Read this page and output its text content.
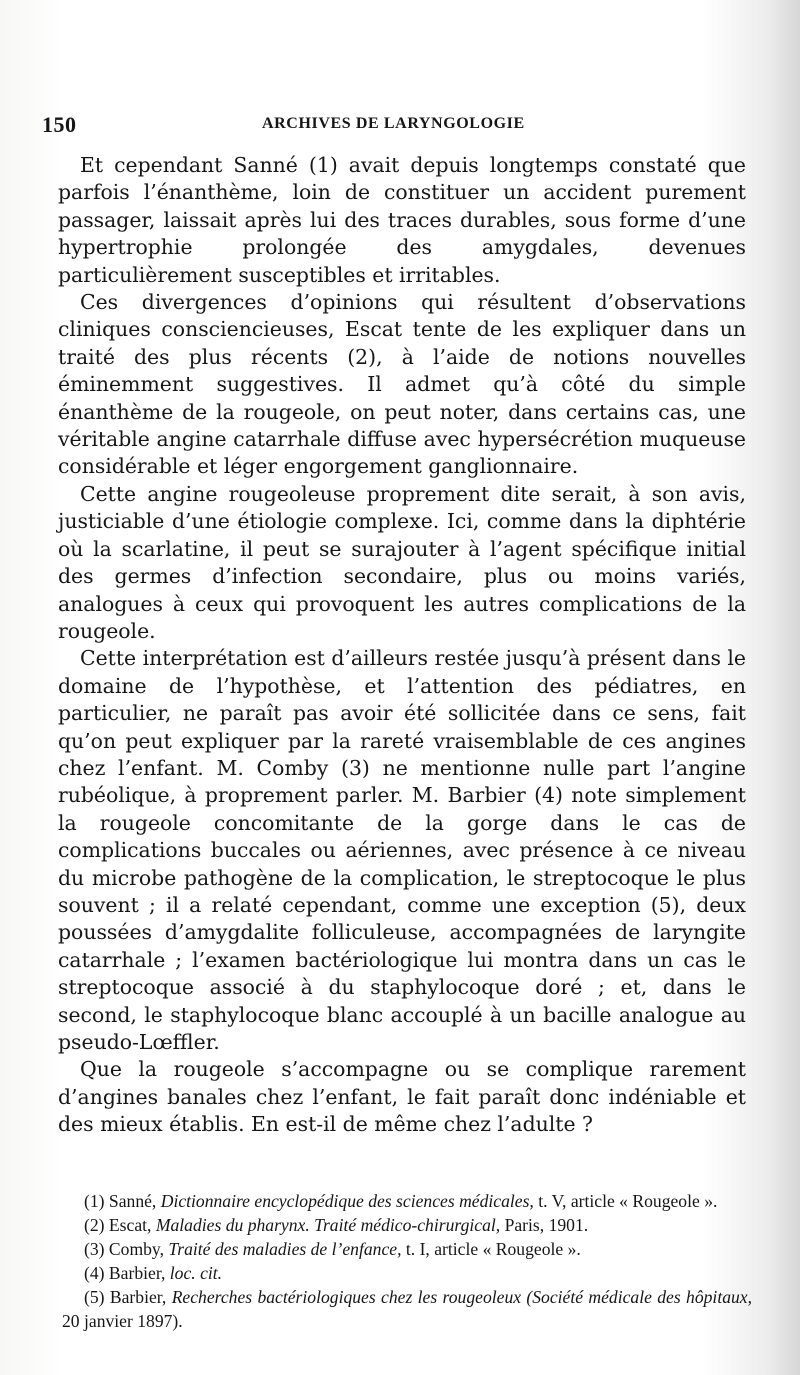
150	ARCHIVES DE LARYNGOLOGIE

Et cependant Sanné (1) avait depuis longtemps constaté que parfois l’énanthème, loin de constituer un accident purement passager, laissait après lui des traces durables, sous forme d’une hypertrophie prolongée des amygdales, devenues particulièrement susceptibles et irritables.

Ces divergences d’opinions qui résultent d’observations cliniques consciencieuses, Escat tente de les expliquer dans un traité des plus récents (2), à l’aide de notions nouvelles éminemment suggestives. Il admet qu’à côté du simple énanthème de la rougeole, on peut noter, dans certains cas, une véritable angine catarrhale diffuse avec hypersécrétion muqueuse considérable et léger engorgement ganglionnaire.

Cette angine rougeoleuse proprement dite serait, à son avis, justiciable d’une étiologie complexe. Ici, comme dans la diphtérie où la scarlatine, il peut se surajouter à l’agent spécifique initial des germes d’infection secondaire, plus ou moins variés, analogues à ceux qui provoquent les autres complications de la rougeole.

Cette interprétation est d’ailleurs restée jusqu’à présent dans le domaine de l’hypothèse, et l’attention des pédiatres, en particulier, ne paraît pas avoir été sollicitée dans ce sens, fait qu’on peut expliquer par la rareté vraisemblable de ces angines chez l’enfant. M. Comby (3) ne mentionne nulle part l’angine rubéolique, à proprement parler. M. Barbier (4) note simplement la rougeole concomitante de la gorge dans le cas de complications buccales ou aériennes, avec présence à ce niveau du microbe pathogène de la complication, le streptocoque le plus souvent ; il a relaté cependant, comme une exception (5), deux poussées d’amygdalite folliculeuse, accompagnées de laryngite catarrhale ; l’examen bactériologique lui montra dans un cas le streptocoque associé à du staphylocoque doré ; et, dans le second, le staphylocoque blanc accouplé à un bacille analogue au pseudo-Lœffler.

Que la rougeole s’accompagne ou se complique rarement d’angines banales chez l’enfant, le fait paraît donc indéniable et des mieux établis. En est-il de même chez l’adulte ?

(1) Sanné, Dictionnaire encyclopédique des sciences médicales, t. V, article « Rougeole ».

(2) Escat, Maladies du pharynx. Traité médico-chirurgical, Paris, 1901.

(3) Comby, Traité des maladies de l’enfance, t. I, article « Rougeole ».

(4) Barbier, loc. cit.

(5) Barbier, Recherches bactériologiques chez les rougeoleux (Société médicale des hôpitaux, 20 janvier 1897).
